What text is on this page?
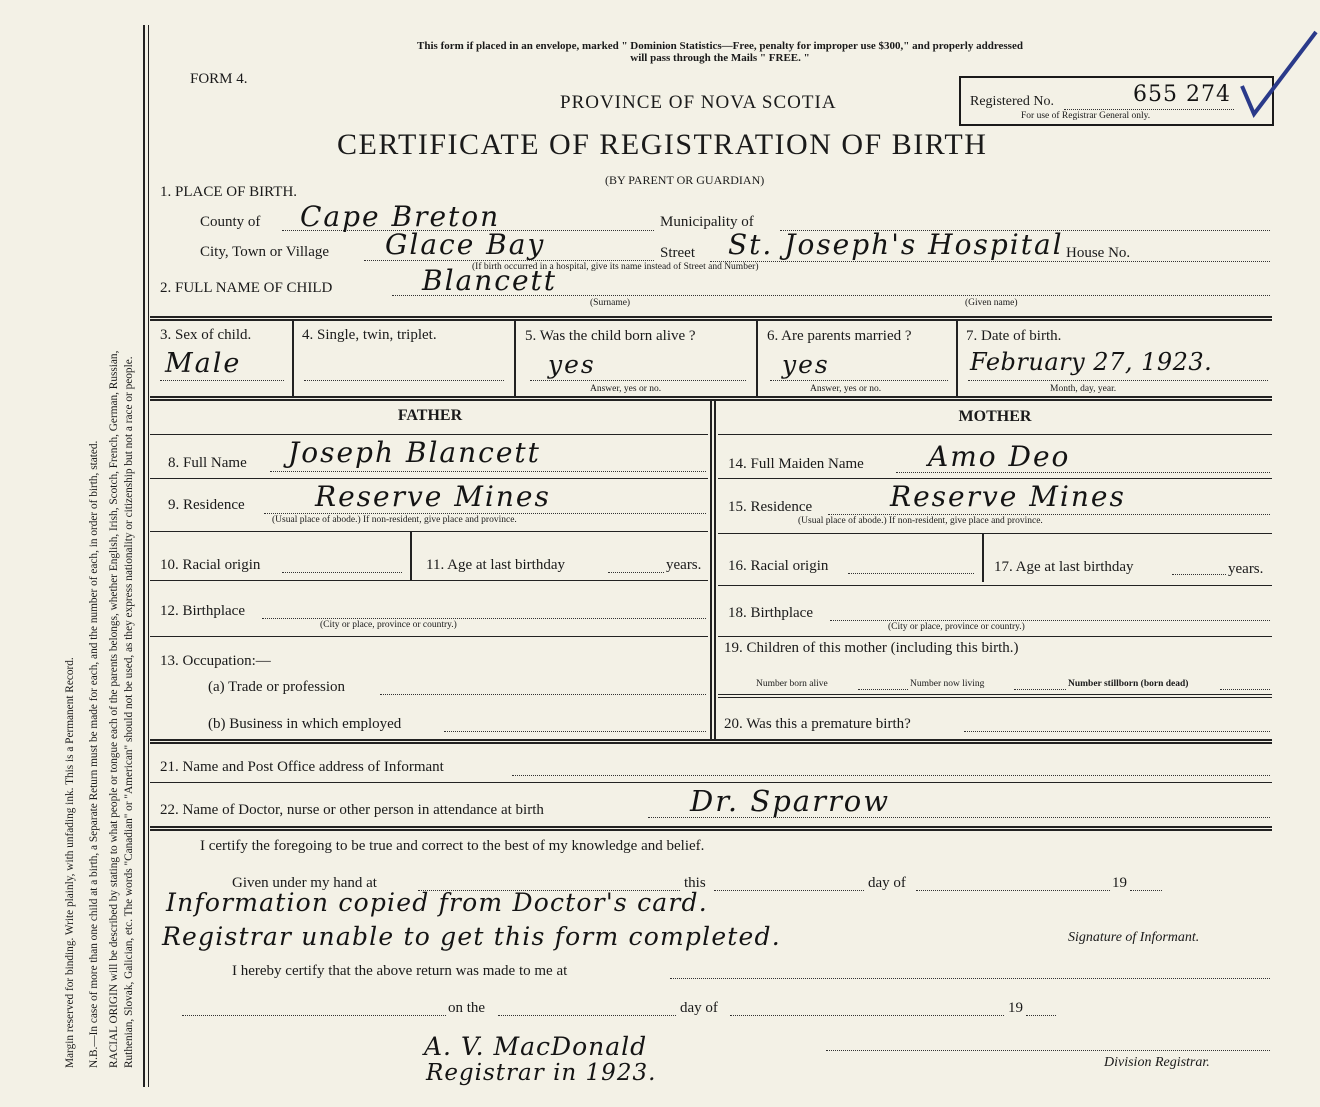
Margin reserved for binding. Write plainly, with unfading ink. This is a Permanent Record. N.B.—In case of more than one child at a birth, a Separate Return must be made for each, and the number of each, in order of birth, stated. RACIAL ORIGIN will be described by stating to what people or tongue each of the parents belongs, whether English, Irish, Scotch, French, German, Russian, Ruthenian, Slovak, Galician, etc. The words "Canadian" or "American" should not be used, as they express nationality or citizenship but not a race or people.
This form if placed in an envelope, marked " Dominion Statistics—Free, penalty for improper use $300," and properly addressed
will pass through the Mails " FREE. "
FORM 4.
PROVINCE OF NOVA SCOTIA
CERTIFICATE OF REGISTRATION OF BIRTH
(BY PARENT OR GUARDIAN)
Registered No.	655 274
For use of Registrar General only.
1. PLACE OF BIRTH.
County of Cape Breton	Municipality of
City, Town or Village Glace Bay	Street St. Joseph's Hospital House No.
(If birth occurred in a hospital, give its name instead of Street and Number)
2. FULL NAME OF CHILD	Blancett
(Surname)	(Given name)
3. Sex of child.
Male
4. Single, twin, triplet.	5. Was the child born alive ?
yes
Answer, yes or no.
6. Are parents married ?
yes
Answer, yes or no.
7. Date of birth.
February 27, 1923.
Month, day, year.
FATHER
8. Full Name Joseph Blancett
9. Residence	Reserve Mines
(Usual place of abode.) If non-resident, give place and province.
10. Racial origin	11. Age at last birthday	years.
12. Birthplace
(City or place, province or country.)
13. Occupation:—
(a) Trade or profession
(b) Business in which employed
MOTHER
14. Full Maiden Name Amo Deo
15. Residence	Reserve Mines
(Usual place of abode.) If non-resident, give place and province.
16. Racial origin	17. Age at last birthday	years.
18. Birthplace
(City or place, province or country.)
19. Children of this mother (including this birth.)
Number born alive	Number now living	Number stillborn (born dead)
20. Was this a premature birth?
21. Name and Post Office address of Informant
22. Name of Doctor, nurse or other person in attendance at birth	Dr. Sparrow
I certify the foregoing to be true and correct to the best of my knowledge and belief.
Given under my hand at	this	day of	19
Information copied from Doctor's card.
Registrar unable to get this form completed.	Signature of Informant.
I hereby certify that the above return was made to me at
on the	day of	19
A. V. MacDonald
Registrar in 1923.	Division Registrar.
